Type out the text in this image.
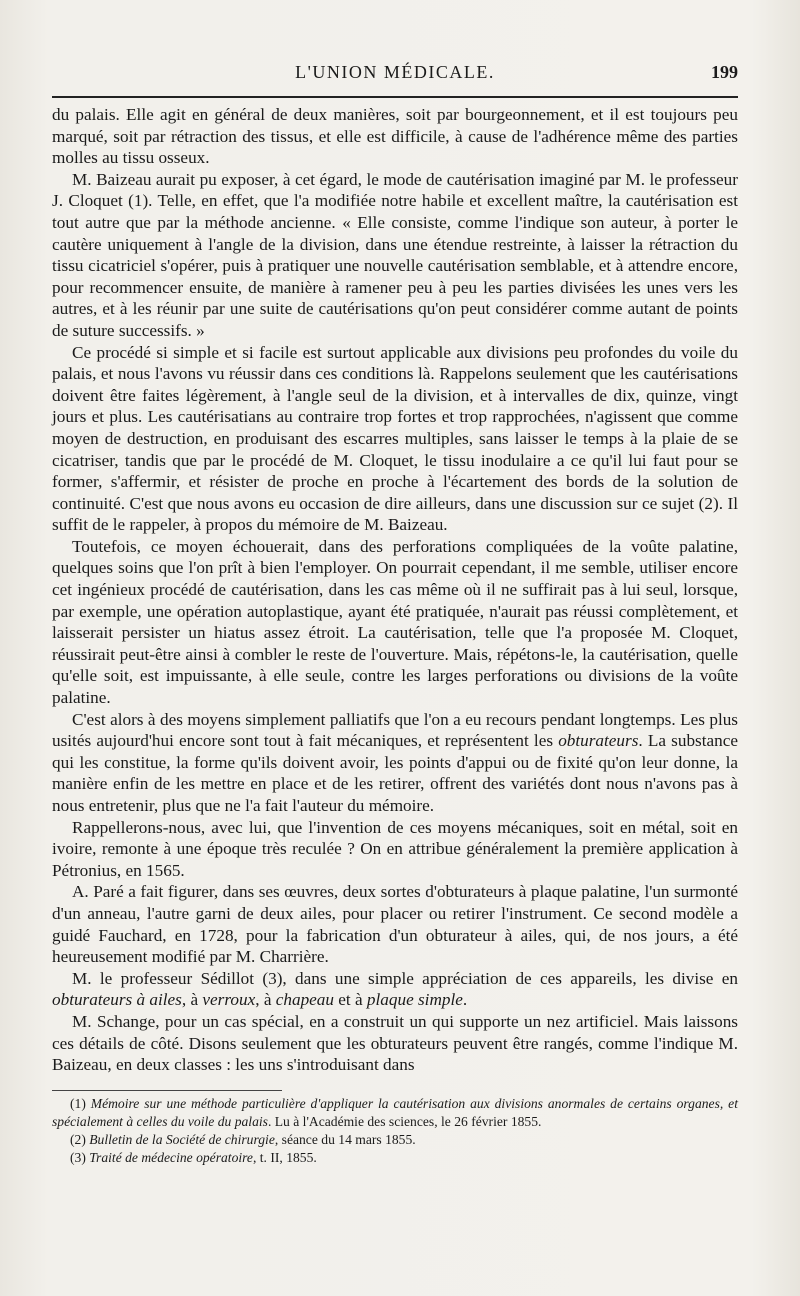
L'UNION MÉDICALE.	199

du palais. Elle agit en général de deux manières, soit par bourgeonnement, et il est toujours peu marqué, soit par rétraction des tissus, et elle est difficile, à cause de l'adhérence même des parties molles au tissu osseux.

M. Baizeau aurait pu exposer, à cet égard, le mode de cautérisation imaginé par M. le professeur J. Cloquet (1). Telle, en effet, que l'a modifiée notre habile et excellent maître, la cautérisation est tout autre que par la méthode ancienne. « Elle consiste, comme l'indique son auteur, à porter le cautère uniquement à l'angle de la division, dans une étendue restreinte, à laisser la rétraction du tissu cicatriciel s'opérer, puis à pratiquer une nouvelle cautérisation semblable, et à attendre encore, pour recommencer ensuite, de manière à ramener peu à peu les parties divisées les unes vers les autres, et à les réunir par une suite de cautérisations qu'on peut considérer comme autant de points de suture successifs. »

Ce procédé si simple et si facile est surtout applicable aux divisions peu profondes du voile du palais, et nous l'avons vu réussir dans ces conditions là. Rappelons seulement que les cautérisations doivent être faites légèrement, à l'angle seul de la division, et à intervalles de dix, quinze, vingt jours et plus. Les cautérisatians au contraire trop fortes et trop rapprochées, n'agissent que comme moyen de destruction, en produisant des escarres multiples, sans laisser le temps à la plaie de se cicatriser, tandis que par le procédé de M. Cloquet, le tissu inodulaire a ce qu'il lui faut pour se former, s'affermir, et résister de proche en proche à l'écartement des bords de la solution de continuité. C'est que nous avons eu occasion de dire ailleurs, dans une discussion sur ce sujet (2). Il suffit de le rappeler, à propos du mémoire de M. Baizeau.

Toutefois, ce moyen échouerait, dans des perforations compliquées de la voûte palatine, quelques soins que l'on prît à bien l'employer. On pourrait cependant, il me semble, utiliser encore cet ingénieux procédé de cautérisation, dans les cas même où il ne suffirait pas à lui seul, lorsque, par exemple, une opération autoplastique, ayant été pratiquée, n'aurait pas réussi complètement, et laisserait persister un hiatus assez étroit. La cautérisation, telle que l'a proposée M. Cloquet, réussirait peut-être ainsi à combler le reste de l'ouverture. Mais, répétons-le, la cautérisation, quelle qu'elle soit, est impuissante, à elle seule, contre les larges perforations ou divisions de la voûte palatine.

C'est alors à des moyens simplement palliatifs que l'on a eu recours pendant longtemps. Les plus usités aujourd'hui encore sont tout à fait mécaniques, et représentent les obturateurs. La substance qui les constitue, la forme qu'ils doivent avoir, les points d'appui ou de fixité qu'on leur donne, la manière enfin de les mettre en place et de les retirer, offrent des variétés dont nous n'avons pas à nous entretenir, plus que ne l'a fait l'auteur du mémoire.

Rappellerons-nous, avec lui, que l'invention de ces moyens mécaniques, soit en métal, soit en ivoire, remonte à une époque très reculée ? On en attribue généralement la première application à Pétronius, en 1565.

A. Paré a fait figurer, dans ses œuvres, deux sortes d'obturateurs à plaque palatine, l'un surmonté d'un anneau, l'autre garni de deux ailes, pour placer ou retirer l'instrument. Ce second modèle a guidé Fauchard, en 1728, pour la fabrication d'un obturateur à ailes, qui, de nos jours, a été heureusement modifié par M. Charrière.

M. le professeur Sédillot (3), dans une simple appréciation de ces appareils, les divise en obturateurs à ailes, à verroux, à chapeau et à plaque simple.

M. Schange, pour un cas spécial, en a construit un qui supporte un nez artificiel. Mais laissons ces détails de côté. Disons seulement que les obturateurs peuvent être rangés, comme l'indique M. Baizeau, en deux classes : les uns s'introduisant dans

(1) Mémoire sur une méthode particulière d'appliquer la cautérisation aux divisions anormales de certains organes, et spécialement à celles du voile du palais. Lu à l'Académie des sciences, le 26 février 1855.

(2) Bulletin de la Société de chirurgie, séance du 14 mars 1855.

(3) Traité de médecine opératoire, t. II, 1855.
